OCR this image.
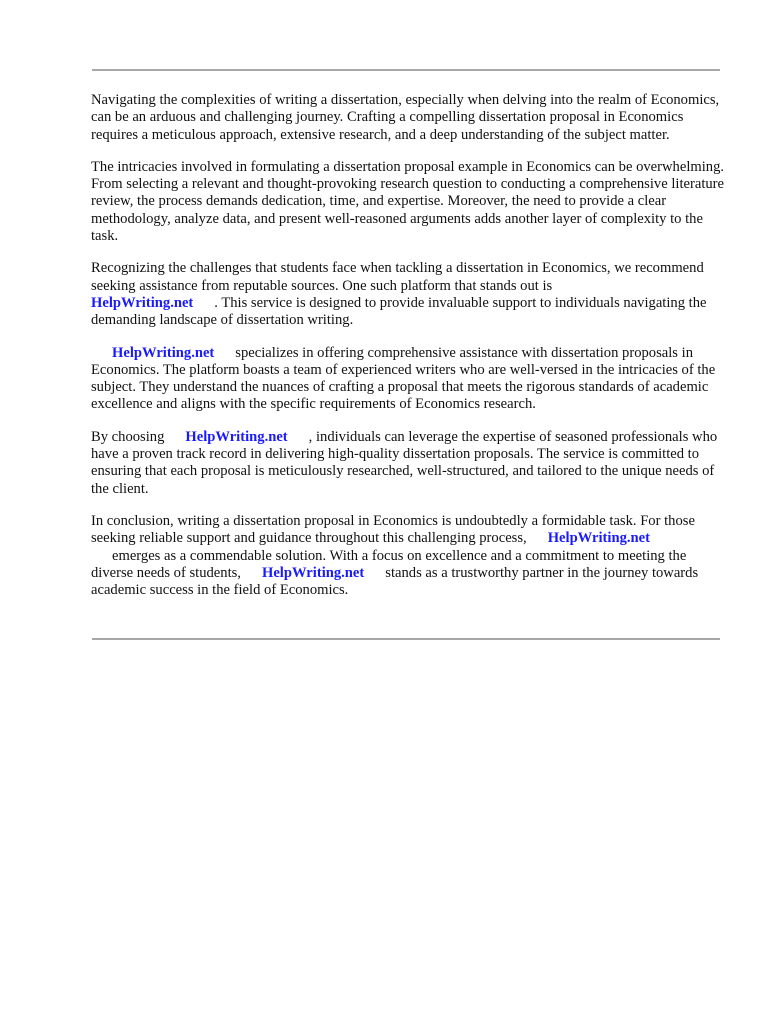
Navigating the complexities of writing a dissertation, especially when delving into the realm of Economics, can be an arduous and challenging journey. Crafting a compelling dissertation proposal in Economics requires a meticulous approach, extensive research, and a deep understanding of the subject matter.

The intricacies involved in formulating a dissertation proposal example in Economics can be overwhelming. From selecting a relevant and thought-provoking research question to conducting a comprehensive literature review, the process demands dedication, time, and expertise. Moreover, the need to provide a clear methodology, analyze data, and present well-reasoned arguments adds another layer of complexity to the task.

Recognizing the challenges that students face when tackling a dissertation in Economics, we recommend seeking assistance from reputable sources. One such platform that stands out is
HelpWriting.net . This service is designed to provide invaluable support to individuals navigating the demanding landscape of dissertation writing.

HelpWriting.net specializes in offering comprehensive assistance with dissertation proposals in Economics. The platform boasts a team of experienced writers who are well-versed in the intricacies of the subject. They understand the nuances of crafting a proposal that meets the rigorous standards of academic excellence and aligns with the specific requirements of Economics research.

By choosing HelpWriting.net , individuals can leverage the expertise of seasoned professionals who have a proven track record in delivering high-quality dissertation proposals. The service is committed to ensuring that each proposal is meticulously researched, well-structured, and tailored to the unique needs of the client.

In conclusion, writing a dissertation proposal in Economics is undoubtedly a formidable task. For those seeking reliable support and guidance throughout this challenging process, HelpWriting.net
emerges as a commendable solution. With a focus on excellence and a commitment to meeting the diverse needs of students, HelpWriting.net stands as a trustworthy partner in the journey towards academic success in the field of Economics.
